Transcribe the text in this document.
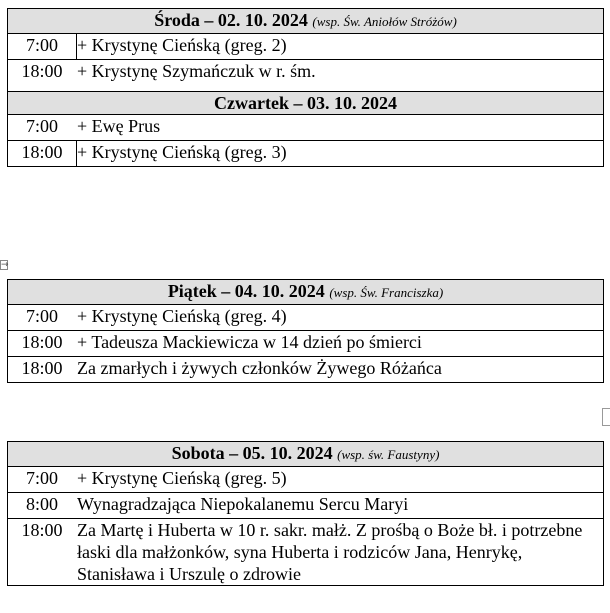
Środa – 02. 10. 2024 (wsp. Św. Aniołów Stróżów)	
7:00	+ Krystynę Cieńską (greg. 2)
18:00	+ Krystynę Szymańczuk w r. śm.
Czwartek – 03. 10. 2024	
7:00	+ Ewę Prus
18:00	+ Krystynę Cieńską (greg. 3)
→
Piątek – 04. 10. 2024 (wsp. Św. Franciszka)	
7:00	+ Krystynę Cieńską (greg. 4)
18:00	+ Tadeusza Mackiewicza w 14 dzień po śmierci
18:00	Za zmarłych i żywych członków Żywego Różańca
Sobota – 05. 10. 2024 (wsp. św. Faustyny)	
7:00	+ Krystynę Cieńską (greg. 5)
8:00	Wynagradzająca Niepokalanemu Sercu Maryi
18:00	Za Martę i Huberta w 10 r. sakr. małż. Z prośbą o Boże bł. i potrzebne łaski dla małżonków, syna Huberta i rodziców Jana, Henrykę, Stanisława i Urszulę o zdrowie
